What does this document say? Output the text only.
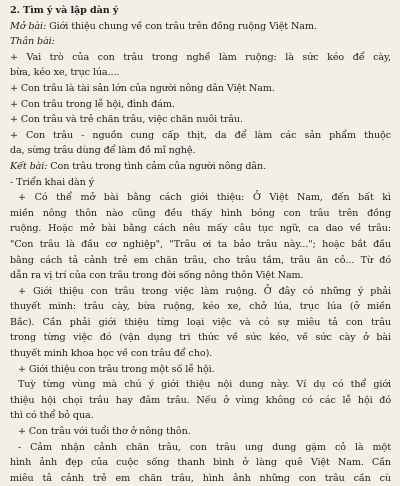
2. Tìm ý và lập dàn ý

Mở bài: Giới thiệu chung về con trâu trên đồng ruộng Việt Nam.

Thân bài:

+ Vai trò của con trâu trong nghề làm ruộng: là sức kéo để cày,

bừa, kéo xe, trục lúa....

+ Con trâu là tài sản lớn của người nông dân Việt Nam.

+ Con trâu trong lễ hội, đình đám.

+ Con trâu và trẻ chăn trâu, việc chăn nuôi trâu.

+ Con trâu - nguồn cung cấp thịt, da để làm các sản phẩm thuộc

da, sừng trâu dùng để làm đồ mĩ nghệ.

Kết bài: Con trâu trong tình cảm của người nông dân.

- Triển khai dàn ý

+ Có thể mở bài bằng cách giới thiệu: Ở Việt Nam, đến bất kì

miền nông thôn nào cũng đều thấy hình bóng con trâu trên đồng

ruộng. Hoặc mở bài bằng cách nêu mấy câu tục ngữ, ca dao về trâu:

"Con trâu là đầu cơ nghiệp", "Trâu ơi ta bảo trâu này..."; hoặc bắt đầu

bằng cách tả cảnh trẻ em chăn trâu, cho trâu tắm, trâu ăn cỏ... Từ đó

dẫn ra vị trí của con trâu trong đời sống nông thôn Việt Nam.

+ Giới thiệu con trâu trong việc làm ruộng. Ở đây có những ý phải

thuyết minh: trâu cày, bừa ruộng, kéo xe, chở lúa, trục lúa (ở miền

Bắc). Cần phải giới thiệu từng loại việc và có sự miêu tả con trâu

trong từng việc đó (vận dụng tri thức về sức kéo, về sức cày ở bài

thuyết minh khoa học về con trâu để cho).

+ Giới thiệu con trâu trong một số lễ hội.

Tuỳ từng vùng mà chú ý giới thiệu nội dung này. Ví dụ có thể giới

thiệu hội chọi trâu hay đâm trâu. Nếu ở vùng không có các lễ hội đó

thì có thể bỏ qua.

+ Con trâu với tuổi thơ ở nông thôn.

- Cảm nhận cảnh chăn trâu, con trâu ung dung gặm cỏ là một

hình ảnh đẹp của cuộc sống thanh bình ở làng quê Việt Nam. Cần

miêu tả cảnh trẻ em chăn trâu, hình ảnh những con trâu cần cù
